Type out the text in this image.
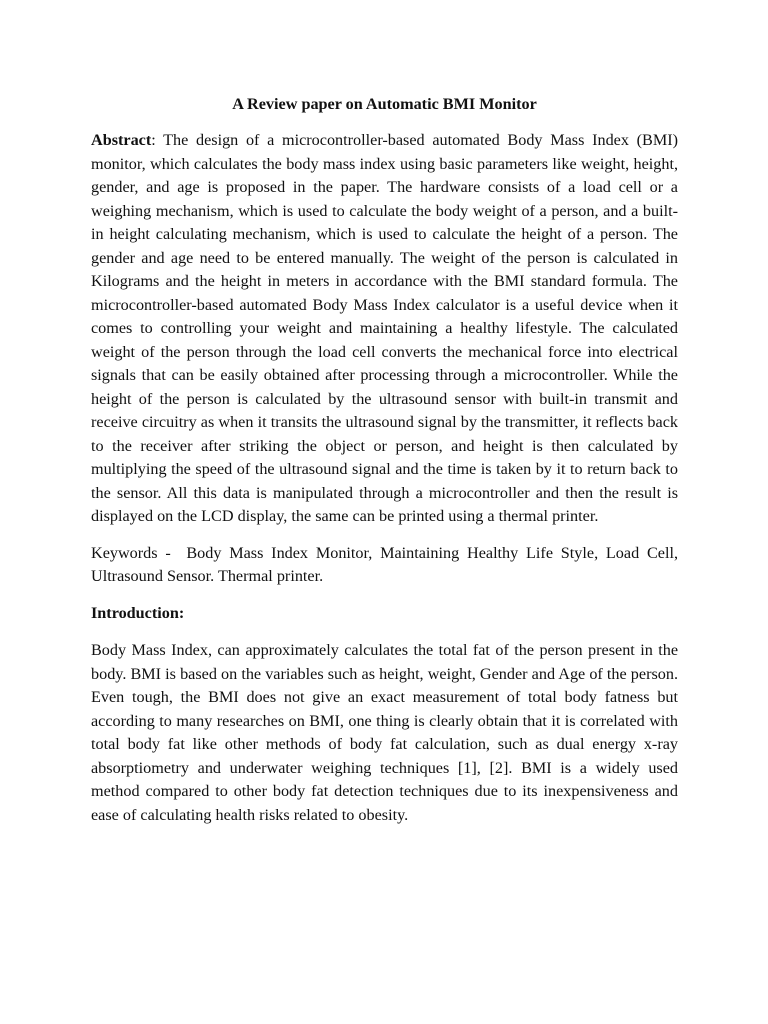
A Review paper on Automatic BMI Monitor

Abstract: The design of a microcontroller-based automated Body Mass Index (BMI) monitor, which calculates the body mass index using basic parameters like weight, height, gender, and age is proposed in the paper. The hardware consists of a load cell or a weighing mechanism, which is used to calculate the body weight of a person, and a built-in height calculating mechanism, which is used to calculate the height of a person. The gender and age need to be entered manually. The weight of the person is calculated in Kilograms and the height in meters in accordance with the BMI standard formula. The microcontroller-based automated Body Mass Index calculator is a useful device when it comes to controlling your weight and maintaining a healthy lifestyle. The calculated weight of the person through the load cell converts the mechanical force into electrical signals that can be easily obtained after processing through a microcontroller. While the height of the person is calculated by the ultrasound sensor with built-in transmit and receive circuitry as when it transits the ultrasound signal by the transmitter, it reflects back to the receiver after striking the object or person, and height is then calculated by multiplying the speed of the ultrasound signal and the time is taken by it to return back to the sensor. All this data is manipulated through a microcontroller and then the result is displayed on the LCD display, the same can be printed using a thermal printer.

Keywords -  Body Mass Index Monitor, Maintaining Healthy Life Style, Load Cell, Ultrasound Sensor. Thermal printer.

Introduction:

Body Mass Index, can approximately calculates the total fat of the person present in the body. BMI is based on the variables such as height, weight, Gender and Age of the person. Even tough, the BMI does not give an exact measurement of total body fatness but according to many researches on BMI, one thing is clearly obtain that it is correlated with total body fat like other methods of body fat calculation, such as dual energy x-ray absorptiometry and underwater weighing techniques [1], [2]. BMI is a widely used method compared to other body fat detection techniques due to its inexpensiveness and ease of calculating health risks related to obesity.
